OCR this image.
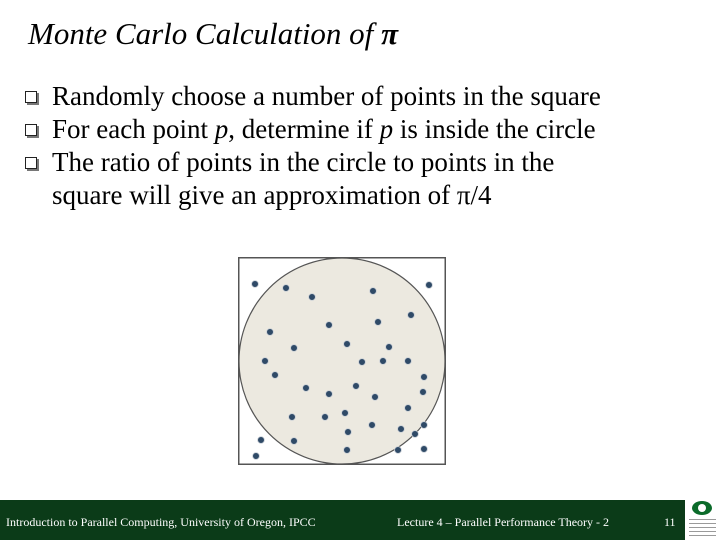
Monte Carlo Calculation of π
Randomly choose a number of points in the square
For each point p, determine if p is inside the circle
The ratio of points in the circle to points in the
square will give an approximation of π/4
Introduction to Parallel Computing, University of Oregon, IPCC	Lecture 4 – Parallel Performance Theory - 2	11
